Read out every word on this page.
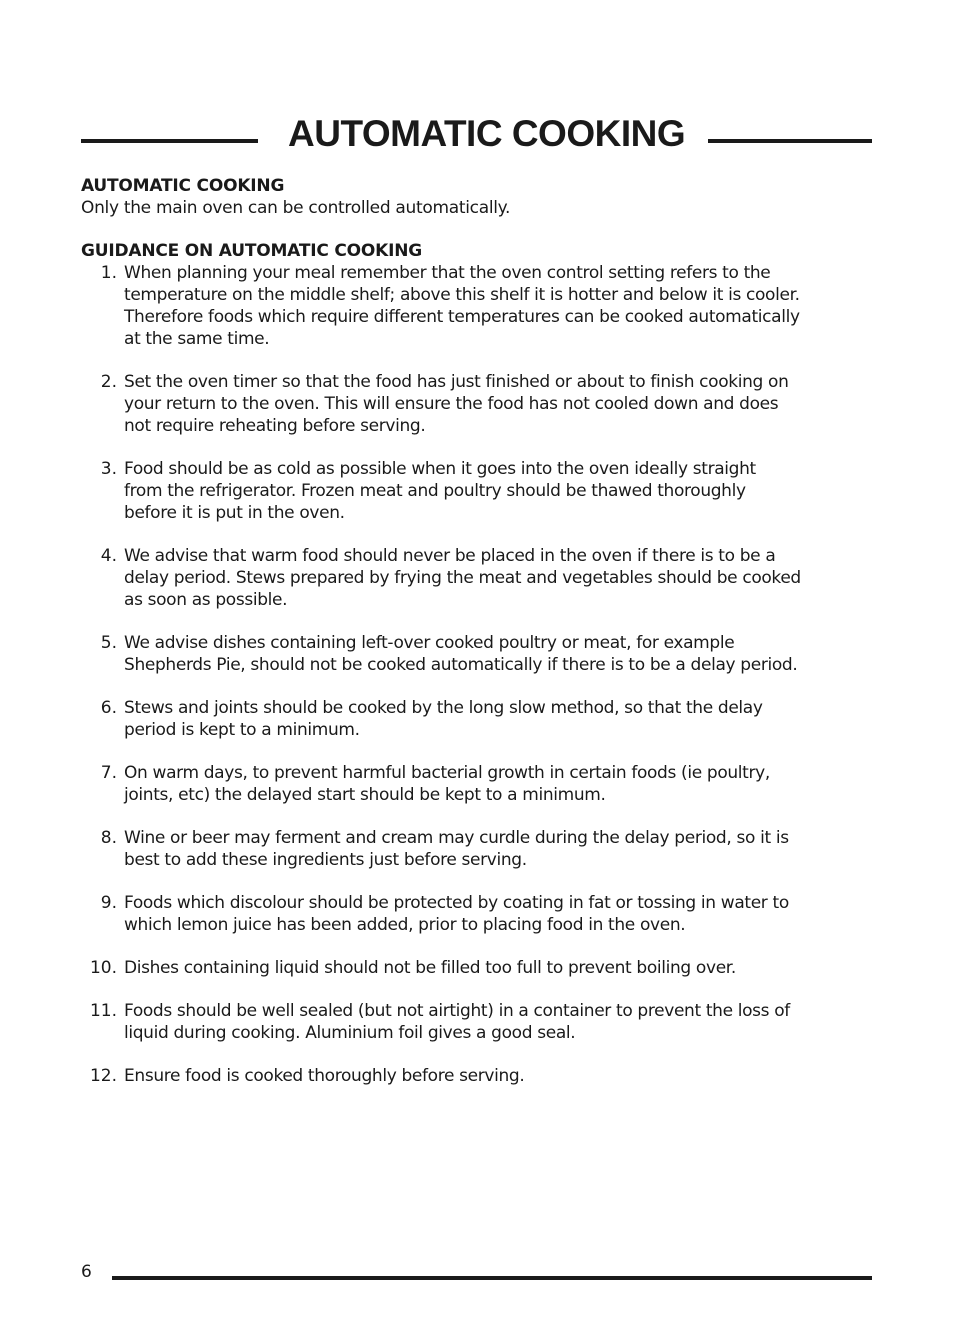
AUTOMATIC COOKING
AUTOMATIC COOKING

Only the main oven can be controlled automatically.

GUIDANCE ON AUTOMATIC COOKING
1. When planning your meal remember that the oven control setting refers to the
temperature on the middle shelf; above this shelf it is hotter and below it is cooler.
Therefore foods which require different temperatures can be cooked automatically
at the same time.
2. Set the oven timer so that the food has just finished or about to finish cooking on
your return to the oven. This will ensure the food has not cooled down and does
not require reheating before serving.
3. Food should be as cold as possible when it goes into the oven ideally straight
from the refrigerator. Frozen meat and poultry should be thawed thoroughly
before it is put in the oven.
4. We advise that warm food should never be placed in the oven if there is to be a
delay period. Stews prepared by frying the meat and vegetables should be cooked
as soon as possible.
5. We advise dishes containing left-over cooked poultry or meat, for example
Shepherds Pie, should not be cooked automatically if there is to be a delay period.
6. Stews and joints should be cooked by the long slow method, so that the delay
period is kept to a minimum.
7. On warm days, to prevent harmful bacterial growth in certain foods (ie poultry,
joints, etc) the delayed start should be kept to a minimum.
8. Wine or beer may ferment and cream may curdle during the delay period, so it is
best to add these ingredients just before serving.
9. Foods which discolour should be protected by coating in fat or tossing in water to
which lemon juice has been added, prior to placing food in the oven.
10. Dishes containing liquid should not be filled too full to prevent boiling over.
11. Foods should be well sealed (but not airtight) in a container to prevent the loss of
liquid during cooking. Aluminium foil gives a good seal.
12. Ensure food is cooked thoroughly before serving.
6
